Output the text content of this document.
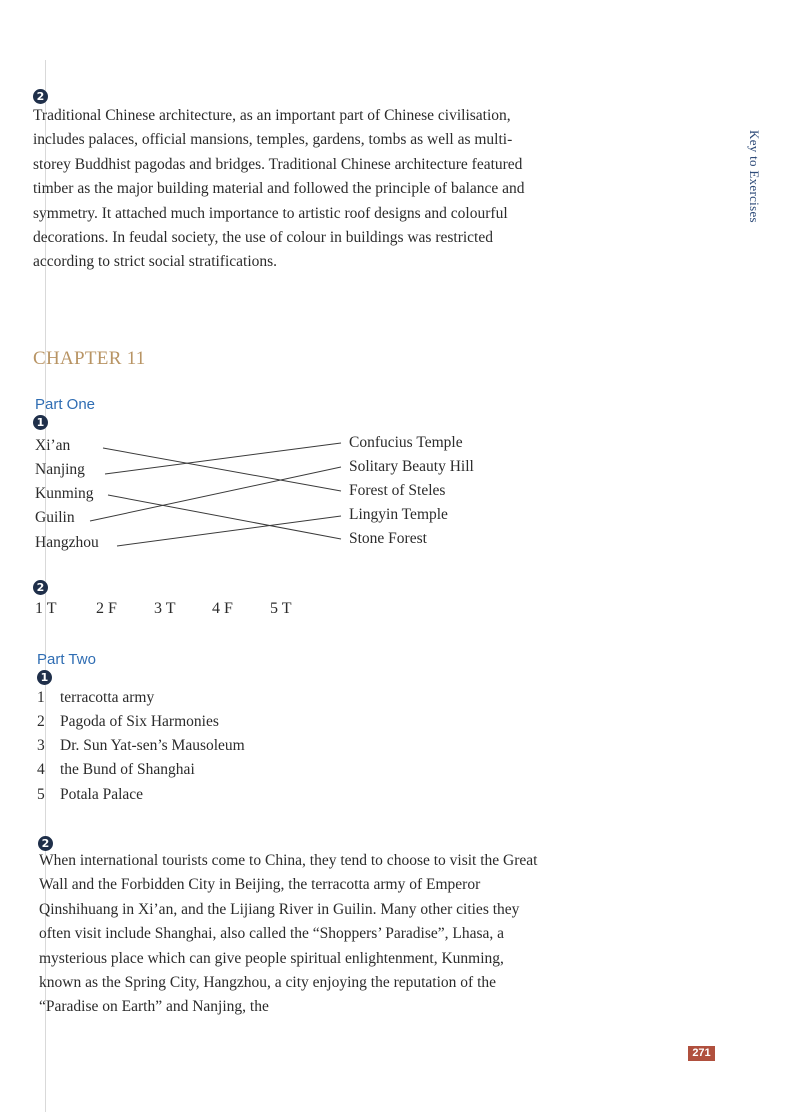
Key to Exercises
2
Traditional Chinese architecture, as an important part of Chinese civilisation, includes palaces, official mansions, temples, gardens, tombs as well as multi-storey Buddhist pagodas and bridges. Traditional Chinese architecture featured timber as the major building material and followed the principle of balance and symmetry. It attached much importance to artistic roof designs and colourful decorations. In feudal society, the use of colour in buildings was restricted according to strict social stratifications.
CHAPTER 11
Part One
1
Xi’an
Nanjing
Kunming
Guilin
Hangzhou
Confucius Temple
Solitary Beauty Hill
Forest of Steles
Lingyin Temple
Stone Forest
2
1 T 2 F 3 T 4 F 5 T
Part Two
1
1 terracotta army
2 Pagoda of Six Harmonies
3 Dr. Sun Yat-sen’s Mausoleum
4 the Bund of Shanghai
5 Potala Palace
2
When international tourists come to China, they tend to choose to visit the Great Wall and the Forbidden City in Beijing, the terracotta army of Emperor Qinshihuang in Xi’an, and the Lijiang River in Guilin. Many other cities they often visit include Shanghai, also called the “Shoppers’ Paradise”, Lhasa, a mysterious place which can give people spiritual enlightenment, Kunming, known as the Spring City, Hangzhou, a city enjoying the reputation of the “Paradise on Earth” and Nanjing, the
271
